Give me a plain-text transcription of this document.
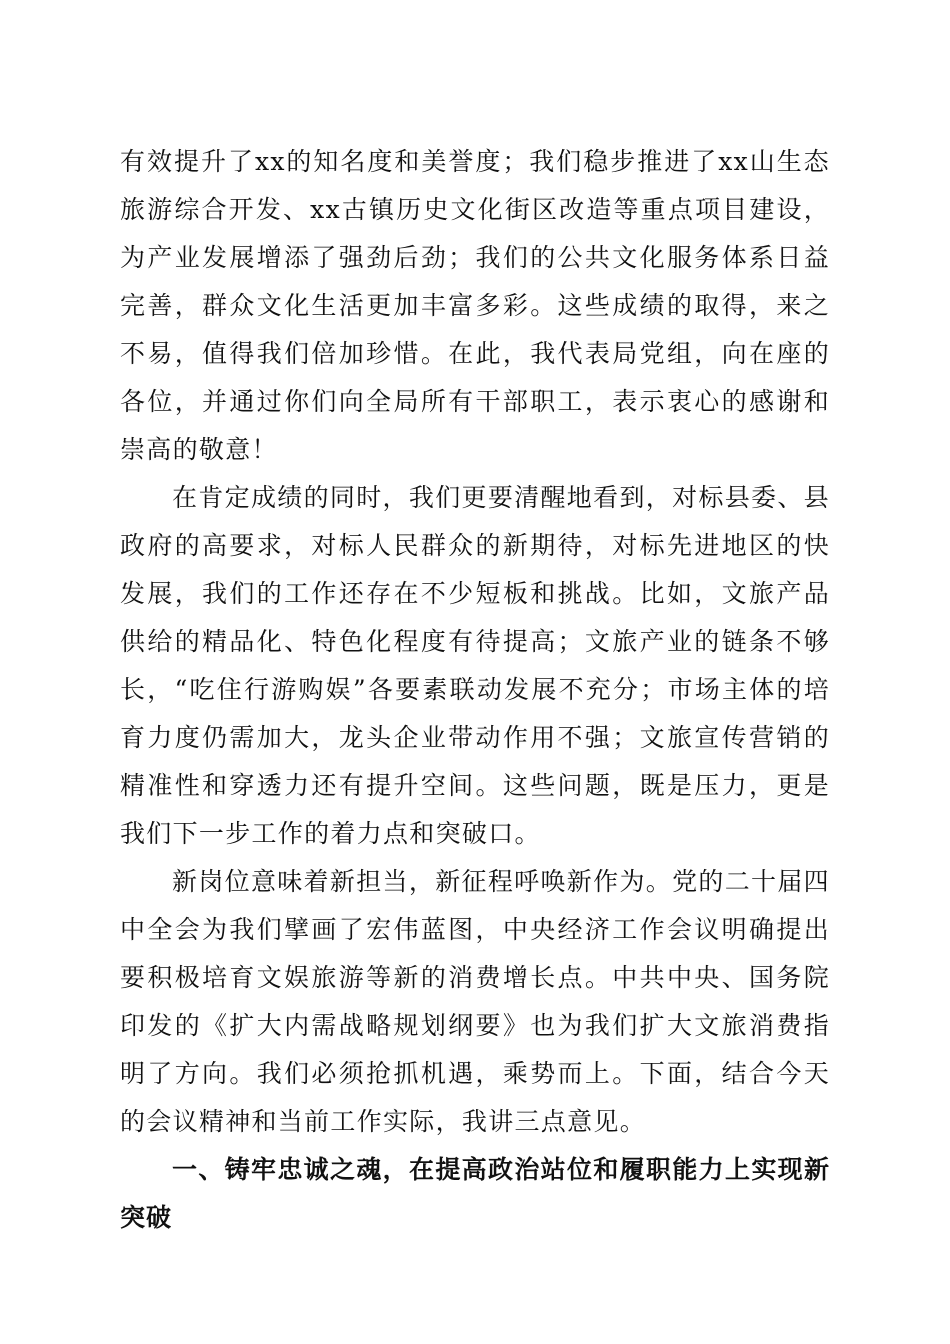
有效提升了xx的知名度和美誉度；我们稳步推进了xx山生态旅游综合开发、xx古镇历史文化街区改造等重点项目建设，为产业发展增添了强劲后劲；我们的公共文化服务体系日益完善，群众文化生活更加丰富多彩。这些成绩的取得，来之不易，值得我们倍加珍惜。在此，我代表局党组，向在座的各位，并通过你们向全局所有干部职工，表示衷心的感谢和崇高的敬意！

在肯定成绩的同时，我们更要清醒地看到，对标县委、县政府的高要求，对标人民群众的新期待，对标先进地区的快发展，我们的工作还存在不少短板和挑战。比如，文旅产品供给的精品化、特色化程度有待提高；文旅产业的链条不够长，“吃住行游购娱”各要素联动发展不充分；市场主体的培育力度仍需加大，龙头企业带动作用不强；文旅宣传营销的精准性和穿透力还有提升空间。这些问题，既是压力，更是我们下一步工作的着力点和突破口。

新岗位意味着新担当，新征程呼唤新作为。党的二十届四中全会为我们擘画了宏伟蓝图，中央经济工作会议明确提出要积极培育文娱旅游等新的消费增长点。中共中央、国务院印发的《扩大内需战略规划纲要》也为我们扩大文旅消费指明了方向。我们必须抢抓机遇，乘势而上。下面，结合今天的会议精神和当前工作实际，我讲三点意见。

一、铸牢忠诚之魂，在提高政治站位和履职能力上实现新突破
